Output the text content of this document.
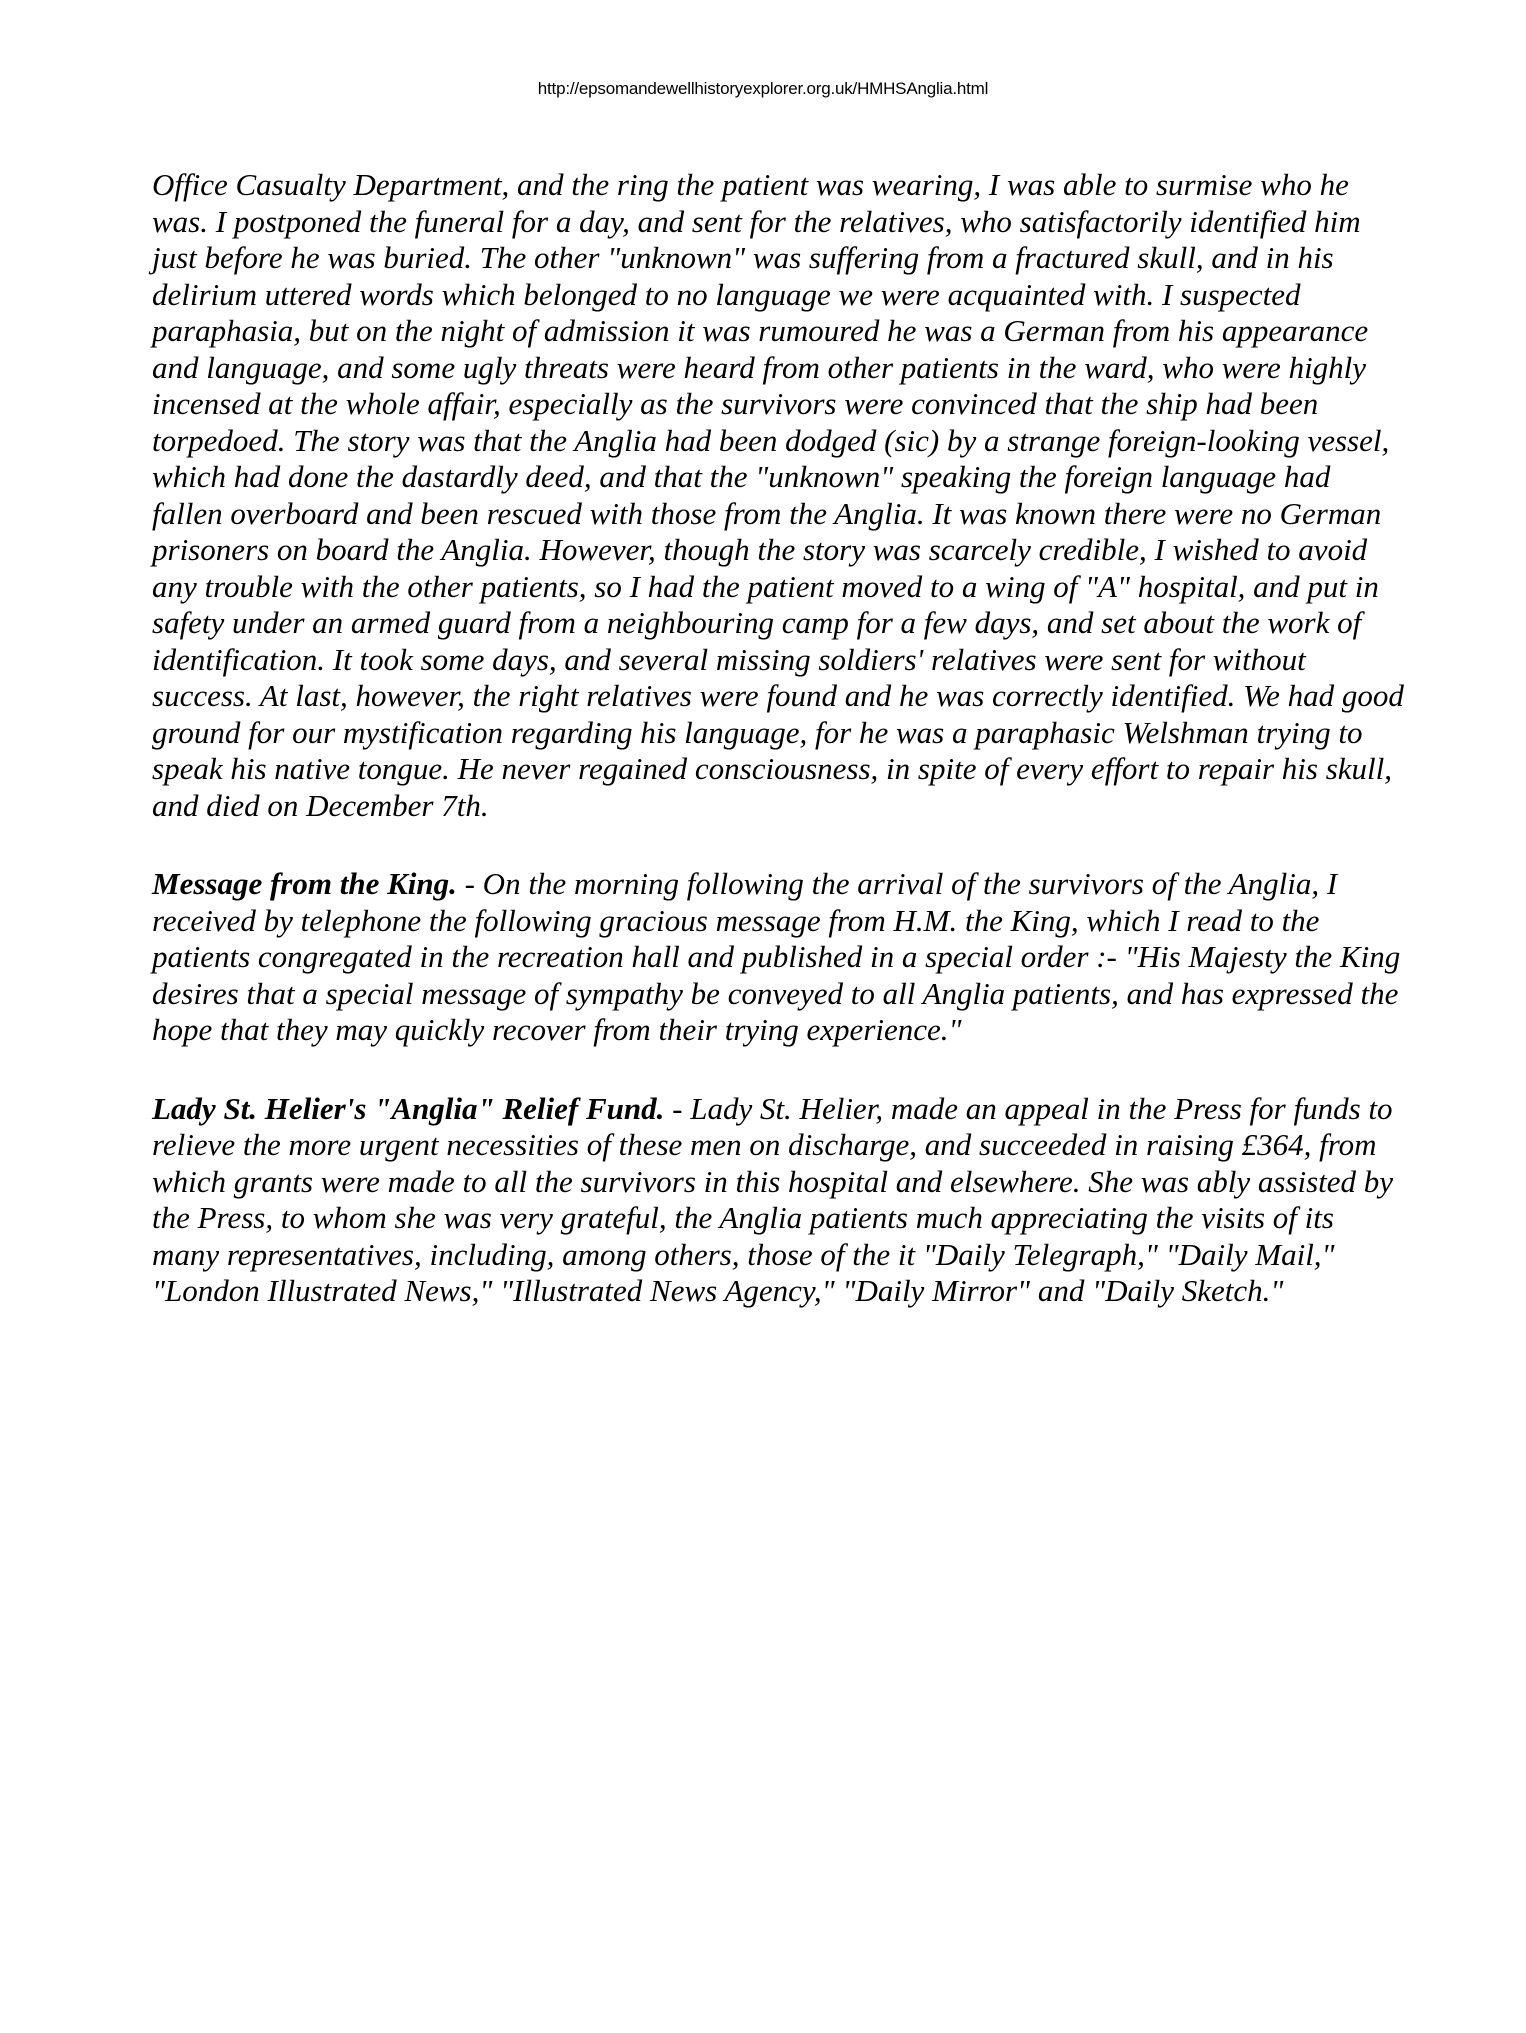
http://epsomandewellhistoryexplorer.org.uk/HMHSAnglia.html

Office Casualty Department, and the ring the patient was wearing, I was able to surmise who he was. I postponed the funeral for a day, and sent for the relatives, who satisfactorily identified him just before he was buried. The other "unknown" was suffering from a fractured skull, and in his delirium uttered words which belonged to no language we were acquainted with. I suspected paraphasia, but on the night of admission it was rumoured he was a German from his appearance and language, and some ugly threats were heard from other patients in the ward, who were highly incensed at the whole affair, especially as the survivors were convinced that the ship had been torpedoed. The story was that the Anglia had been dodged (sic) by a strange foreign-looking vessel, which had done the dastardly deed, and that the "unknown" speaking the foreign language had fallen overboard and been rescued with those from the Anglia. It was known there were no German prisoners on board the Anglia. However, though the story was scarcely credible, I wished to avoid any trouble with the other patients, so I had the patient moved to a wing of "A" hospital, and put in safety under an armed guard from a neighbouring camp for a few days, and set about the work of identification. It took some days, and several missing soldiers' relatives were sent for without success. At last, however, the right relatives were found and he was correctly identified. We had good ground for our mystification regarding his language, for he was a paraphasic Welshman trying to speak his native tongue. He never regained consciousness, in spite of every effort to repair his skull, and died on December 7th.

Message from the King. - On the morning following the arrival of the survivors of the Anglia, I received by telephone the following gracious message from H.M. the King, which I read to the patients congregated in the recreation hall and published in a special order :- "His Majesty the King desires that a special message of sympathy be conveyed to all Anglia patients, and has expressed the hope that they may quickly recover from their trying experience."

Lady St. Helier's "Anglia" Relief Fund. - Lady St. Helier, made an appeal in the Press for funds to relieve the more urgent necessities of these men on discharge, and succeeded in raising £364, from which grants were made to all the survivors in this hospital and elsewhere. She was ably assisted by the Press, to whom she was very grateful, the Anglia patients much appreciating the visits of its many representatives, including, among others, those of the it "Daily Telegraph," "Daily Mail," "London Illustrated News," "Illustrated News Agency," "Daily Mirror" and "Daily Sketch."
